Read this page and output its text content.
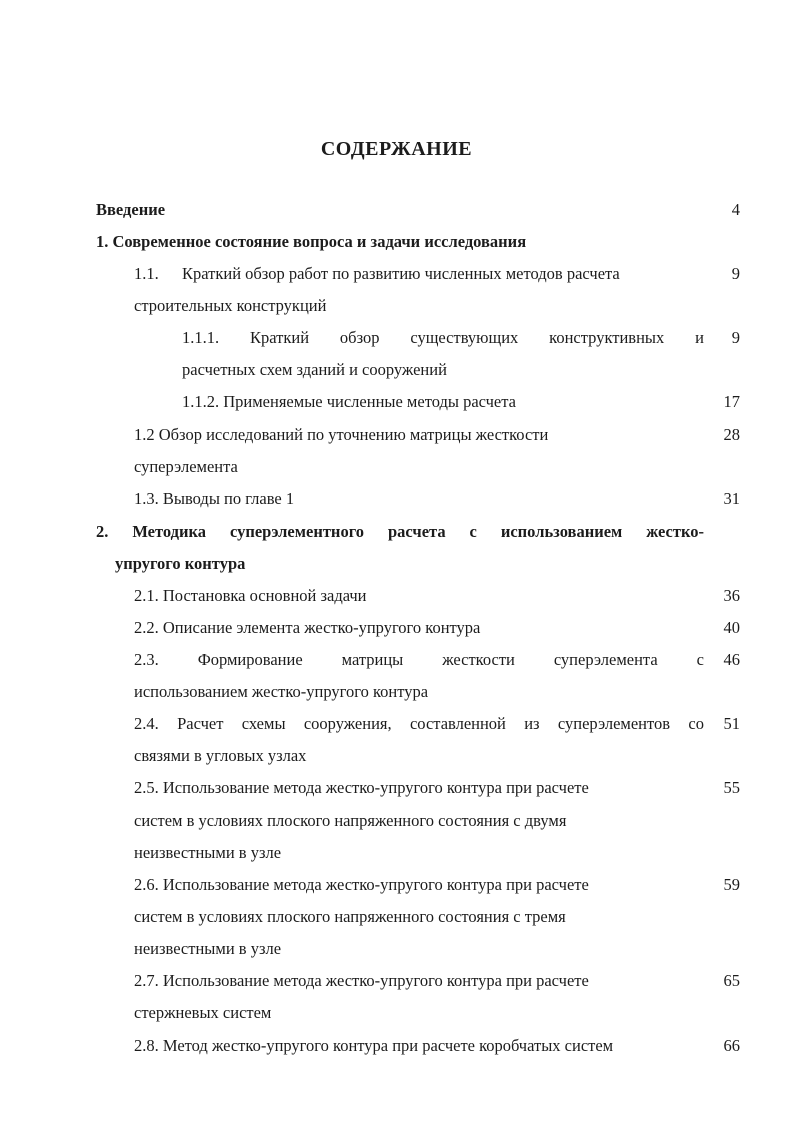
СОДЕРЖАНИЕ
Введение	4
1. Современное состояние вопроса и задачи исследования
1.1. Краткий обзор работ по развитию численных методов расчета	9
строительных конструкций
1.1.1. Краткий обзор существующих конструктивных и	9
расчетных схем зданий и сооружений
1.1.2. Применяемые численные методы расчета	17
1.2 Обзор исследований по уточнению матрицы жесткости	28
суперэлемента
1.3. Выводы по главе 1	31
2. Методика суперэлементного расчета с использованием жестко-
упругого контура
2.1. Постановка основной задачи	36
2.2. Описание элемента жестко-упругого контура	40
2.3. Формирование матрицы жесткости суперэлемента с	46
использованием жестко-упругого контура
2.4. Расчет схемы сооружения, составленной из суперэлементов со	51
связями в угловых узлах
2.5. Использование метода жестко-упругого контура при расчете	55
систем в условиях плоского напряженного состояния с двумя
неизвестными в узле
2.6. Использование метода жестко-упругого контура при расчете	59
систем в условиях плоского напряженного состояния с тремя
неизвестными в узле
2.7. Использование метода жестко-упругого контура при расчете	65
стержневых систем
2.8. Метод жестко-упругого контура при расчете коробчатых систем	66
